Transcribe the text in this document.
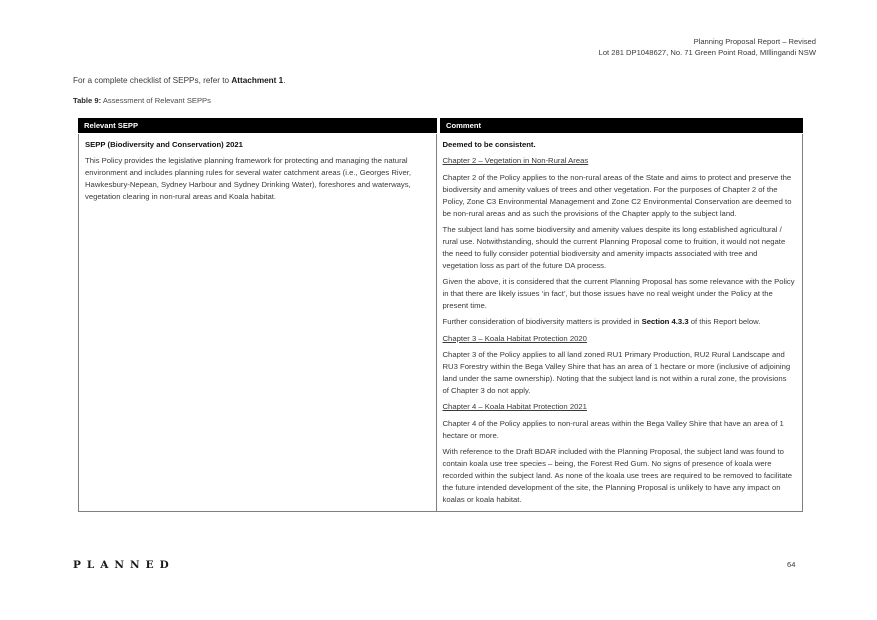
Planning Proposal Report – Revised
Lot 281 DP1048627, No. 71 Green Point Road, MIllingandi NSW
For a complete checklist of SEPPs, refer to Attachment 1.
Table 9: Assessment of Relevant SEPPs
Relevant SEPP	Comment

SEPP (Biodiversity and Conservation) 2021

This Policy provides the legislative planning framework for protecting and managing the natural environment and includes planning rules for several water catchment areas (i.e., Georges River, Hawkesbury-Nepean, Sydney Harbour and Sydney Drinking Water), foreshores and waterways, vegetation clearing in non-rural areas and Koala habitat.

Deemed to be consistent.

Chapter 2 – Vegetation in Non-Rural Areas

Chapter 2 of the Policy applies to the non-rural areas of the State and aims to protect and preserve the biodiversity and amenity values of trees and other vegetation. For the purposes of Chapter 2 of the Policy, Zone C3 Environmental Management and Zone C2 Environmental Conservation are deemed to be non-rural areas and as such the provisions of the Chapter apply to the subject land.

The subject land has some biodiversity and amenity values despite its long established agricultural / rural use. Notwithstanding, should the current Planning Proposal come to fruition, it would not negate the need to fully consider potential biodiversity and amenity impacts associated with tree and vegetation loss as part of the future DA process.

Given the above, it is considered that the current Planning Proposal has some relevance with the Policy in that there are likely issues ‘in fact’, but those issues have no real weight under the Policy at the present time.

Further consideration of biodiversity matters is provided in Section 4.3.3 of this Report below.

Chapter 3 – Koala Habitat Protection 2020

Chapter 3 of the Policy applies to all land zoned RU1 Primary Production, RU2 Rural Landscape and RU3 Forestry within the Bega Valley Shire that has an area of 1 hectare or more (inclusive of adjoining land under the same ownership). Noting that the subject land is not within a rural zone, the provisions of Chapter 3 do not apply.

Chapter 4 – Koala Habitat Protection 2021

Chapter 4 of the Policy applies to non-rural areas within the Bega Valley Shire that have an area of 1 hectare or more.

With reference to the Draft BDAR included with the Planning Proposal, the subject land was found to contain koala use tree species – being, the Forest Red Gum. No signs of presence of koala were recorded within the subject land. As none of the koala use trees are required to be removed to facilitate the future intended development of the site, the Planning Proposal is unlikely to have any impact on koalas or koala habitat.

PLANNED	64
